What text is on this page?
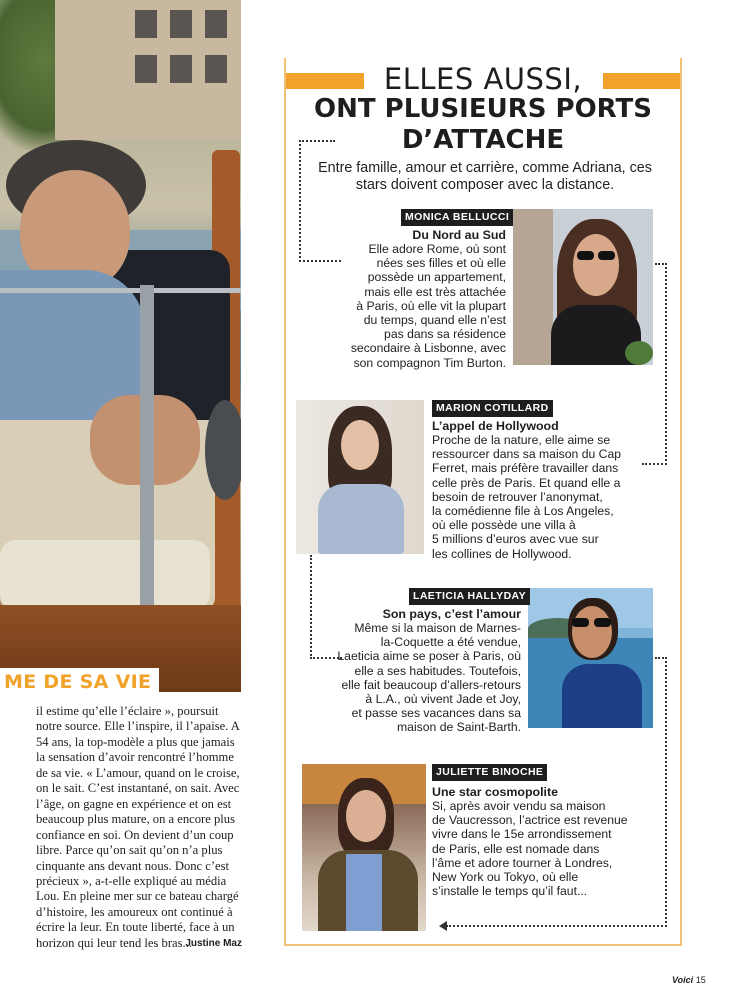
ME DE SA VIE
il estime qu’elle l’éclaire », poursuit notre source. Elle l’inspire, il l’apaise. A 54 ans, la top-modèle a plus que jamais la sensation d’avoir rencontré l’homme de sa vie. « L’amour, quand on le croise, on le sait. C’est instantané, on sait. Avec l’âge, on gagne en expérience et on est beaucoup plus mature, on a encore plus confiance en soi. On devient d’un coup libre. Parce qu’on sait qu’on n’a plus cinquante ans devant nous. Donc c’est précieux », a-t-elle expliqué au média Lou. En pleine mer sur ce bateau chargé d’histoire, les amoureux ont continué à écrire la leur. En toute liberté, face à un horizon qui leur tend les bras...
Justine Maz
ELLES AUSSI,
ONT PLUSIEURS PORTS
D’ATTACHE
Entre famille, amour et carrière, comme Adriana, ces stars doivent composer avec la distance.
MONICA BELLUCCI
Du Nord au Sud
Elle adore Rome, où sont
nées ses filles et où elle
possède un appartement,
mais elle est très attachée
à Paris, où elle vit la plupart
du temps, quand elle n’est
pas dans sa résidence
secondaire à Lisbonne, avec
son compagnon Tim Burton.
MARION COTILLARD
L’appel de Hollywood
Proche de la nature, elle aime se
ressourcer dans sa maison du Cap
Ferret, mais préfère travailler dans
celle près de Paris. Et quand elle a
besoin de retrouver l’anonymat,
la comédienne file à Los Angeles,
où elle possède une villa à
5 millions d’euros avec vue sur
les collines de Hollywood.
LAETICIA HALLYDAY
Son pays, c’est l’amour
Même si la maison de Marnes-
la-Coquette a été vendue,
Laeticia aime se poser à Paris, où
elle a ses habitudes. Toutefois,
elle fait beaucoup d’allers-retours
à L.A., où vivent Jade et Joy,
et passe ses vacances dans sa
maison de Saint-Barth.
JULIETTE BINOCHE
Une star cosmopolite
Si, après avoir vendu sa maison
de Vaucresson, l’actrice est revenue
vivre dans le 15e arrondissement
de Paris, elle est nomade dans
l’âme et adore tourner à Londres,
New York ou Tokyo, où elle
s’installe le temps qu’il faut...
Voici 15
